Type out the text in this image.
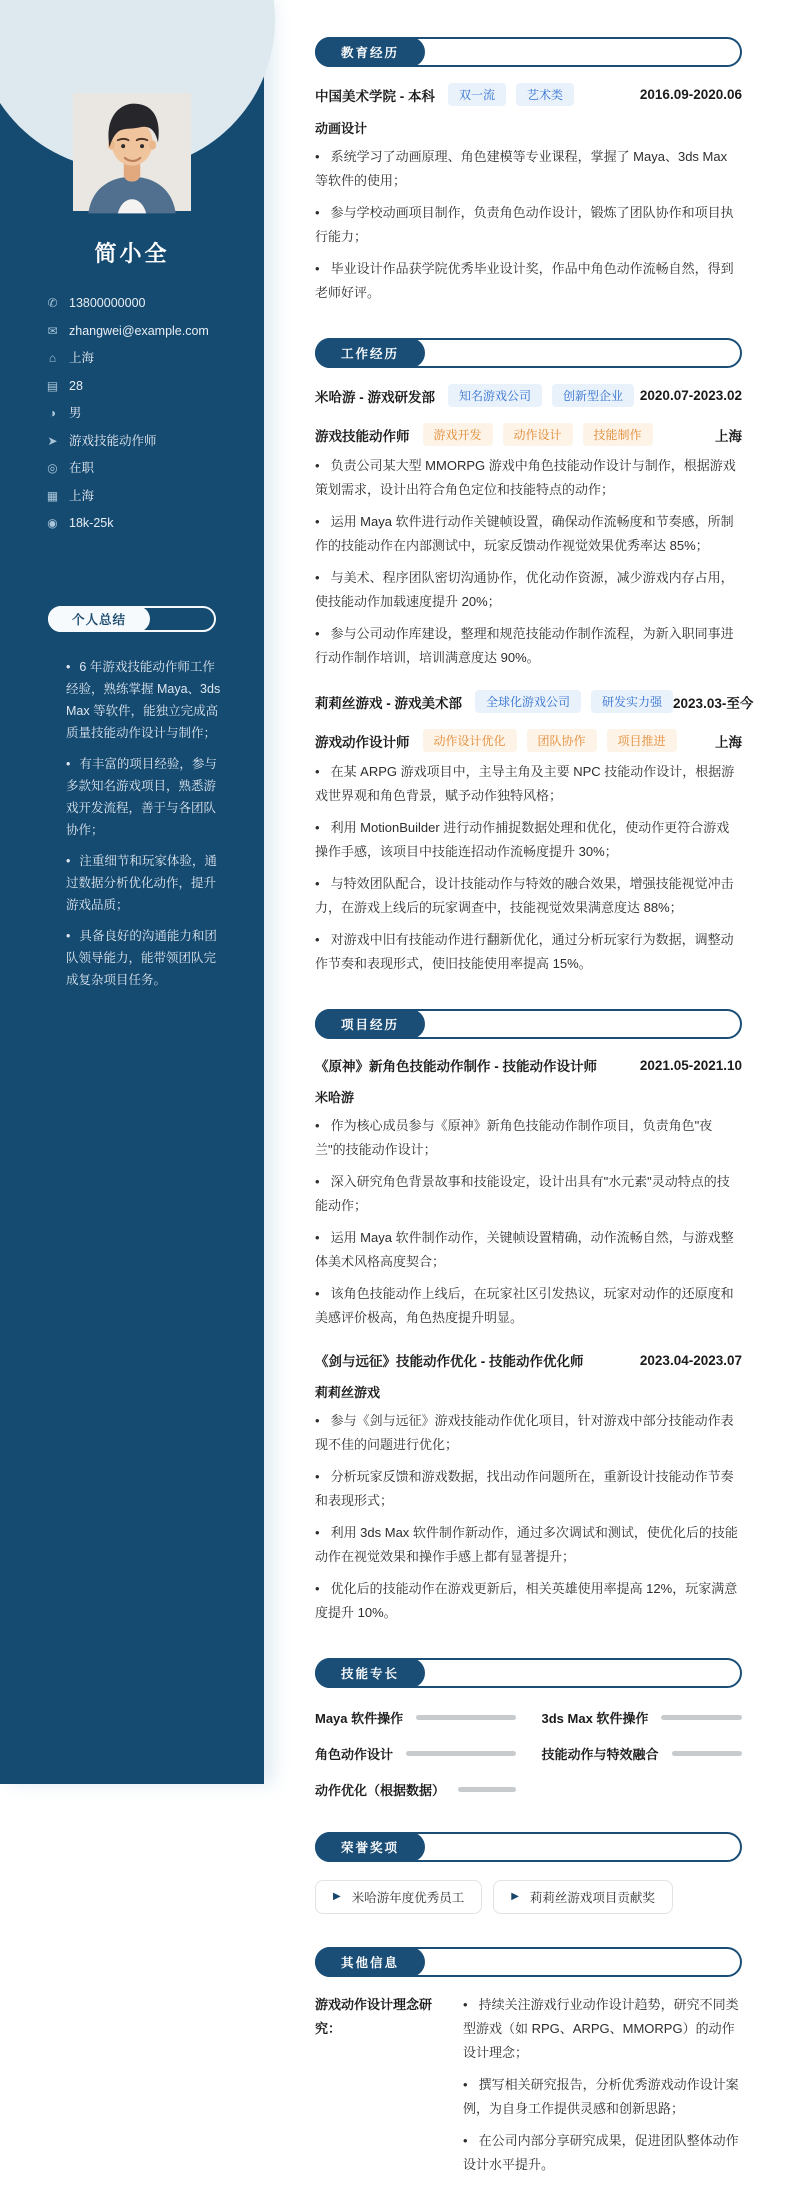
简小全
✆ 13800000000
✉ zhangwei@example.com
⌂	上海
▤ 28
◑	男
➤ 游戏技能动作师
◎ 在职
▦ 上海
◉ 18k-25k
个人总结

• 6 年游戏技能动作师工作经验，熟练掌握 Maya、3ds Max 等软件，能独立完成高质量技能动作设计与制作；

• 有丰富的项目经验，参与多款知名游戏项目，熟悉游戏开发流程，善于与各团队协作；

• 注重细节和玩家体验，通过数据分析优化动作，提升游戏品质；

• 具备良好的沟通能力和团队领导能力，能带领团队完成复杂项目任务。

教育经历
中国美术学院 - 本科	双一流	艺术类	2016.09-2020.06
动画设计

• 系统学习了动画原理、角色建模等专业课程，掌握了 Maya、3ds Max 等软件的使用；

• 参与学校动画项目制作，负责角色动作设计，锻炼了团队协作和项目执行能力；

• 毕业设计作品获学院优秀毕业设计奖，作品中角色动作流畅自然，得到老师好评。

工作经历
米哈游 - 游戏研发部	知名游戏公司	创新型企业	2020.07-2023.02
游戏技能动作师	游戏开发	动作设计	技能制作	上海

• 负责公司某大型 MMORPG 游戏中角色技能动作设计与制作，根据游戏策划需求，设计出符合角色定位和技能特点的动作；

• 运用 Maya 软件进行动作关键帧设置，确保动作流畅度和节奏感，所制作的技能动作在内部测试中，玩家反馈动作视觉效果优秀率达 85%；

• 与美术、程序团队密切沟通协作，优化动作资源，减少游戏内存占用，使技能动作加载速度提升 20%；

• 参与公司动作库建设，整理和规范技能动作制作流程，为新入职同事进行动作制作培训，培训满意度达 90%。

莉莉丝游戏 - 游戏美术部	全球化游戏公司	研发实力强 2023.03-至今
游戏动作设计师	动作设计优化	团队协作	项目推进	上海

• 在某 ARPG 游戏项目中，主导主角及主要 NPC 技能动作设计，根据游戏世界观和角色背景，赋予动作独特风格；

• 利用 MotionBuilder 进行动作捕捉数据处理和优化，使动作更符合游戏操作手感，该项目中技能连招动作流畅度提升 30%；

• 与特效团队配合，设计技能动作与特效的融合效果，增强技能视觉冲击力，在游戏上线后的玩家调查中，技能视觉效果满意度达 88%；

• 对游戏中旧有技能动作进行翻新优化，通过分析玩家行为数据，调整动作节奏和表现形式，使旧技能使用率提高 15%。

项目经历
《原神》新角色技能动作制作 - 技能动作设计师	2021.05-2021.10
米哈游

• 作为核心成员参与《原神》新角色技能动作制作项目，负责角色"夜兰"的技能动作设计；

• 深入研究角色背景故事和技能设定，设计出具有"水元素"灵动特点的技能动作；

• 运用 Maya 软件制作动作，关键帧设置精确，动作流畅自然，与游戏整体美术风格高度契合；

• 该角色技能动作上线后，在玩家社区引发热议，玩家对动作的还原度和美感评价极高，角色热度提升明显。

《剑与远征》技能动作优化 - 技能动作优化师	2023.04-2023.07
莉莉丝游戏

• 参与《剑与远征》游戏技能动作优化项目，针对游戏中部分技能动作表现不佳的问题进行优化；

• 分析玩家反馈和游戏数据，找出动作问题所在，重新设计技能动作节奏和表现形式；

• 利用 3ds Max 软件制作新动作，通过多次调试和测试，使优化后的技能动作在视觉效果和操作手感上都有显著提升；

• 优化后的技能动作在游戏更新后，相关英雄使用率提高 12%，玩家满意度提升 10%。

技能专长
Maya 软件操作	3ds Max 软件操作
角色动作设计	技能动作与特效融合
动作优化（根据数据）
荣誉奖项
▶ 米哈游年度优秀员工	▶ 莉莉丝游戏项目贡献奖
其他信息
游戏动作设计理念研究：

• 持续关注游戏行业动作设计趋势，研究不同类型游戏（如 RPG、ARPG、MMORPG）的动作设计理念；

• 撰写相关研究报告，分析优秀游戏动作设计案例，为自身工作提供灵感和创新思路；

• 在公司内部分享研究成果，促进团队整体动作设计水平提升。
